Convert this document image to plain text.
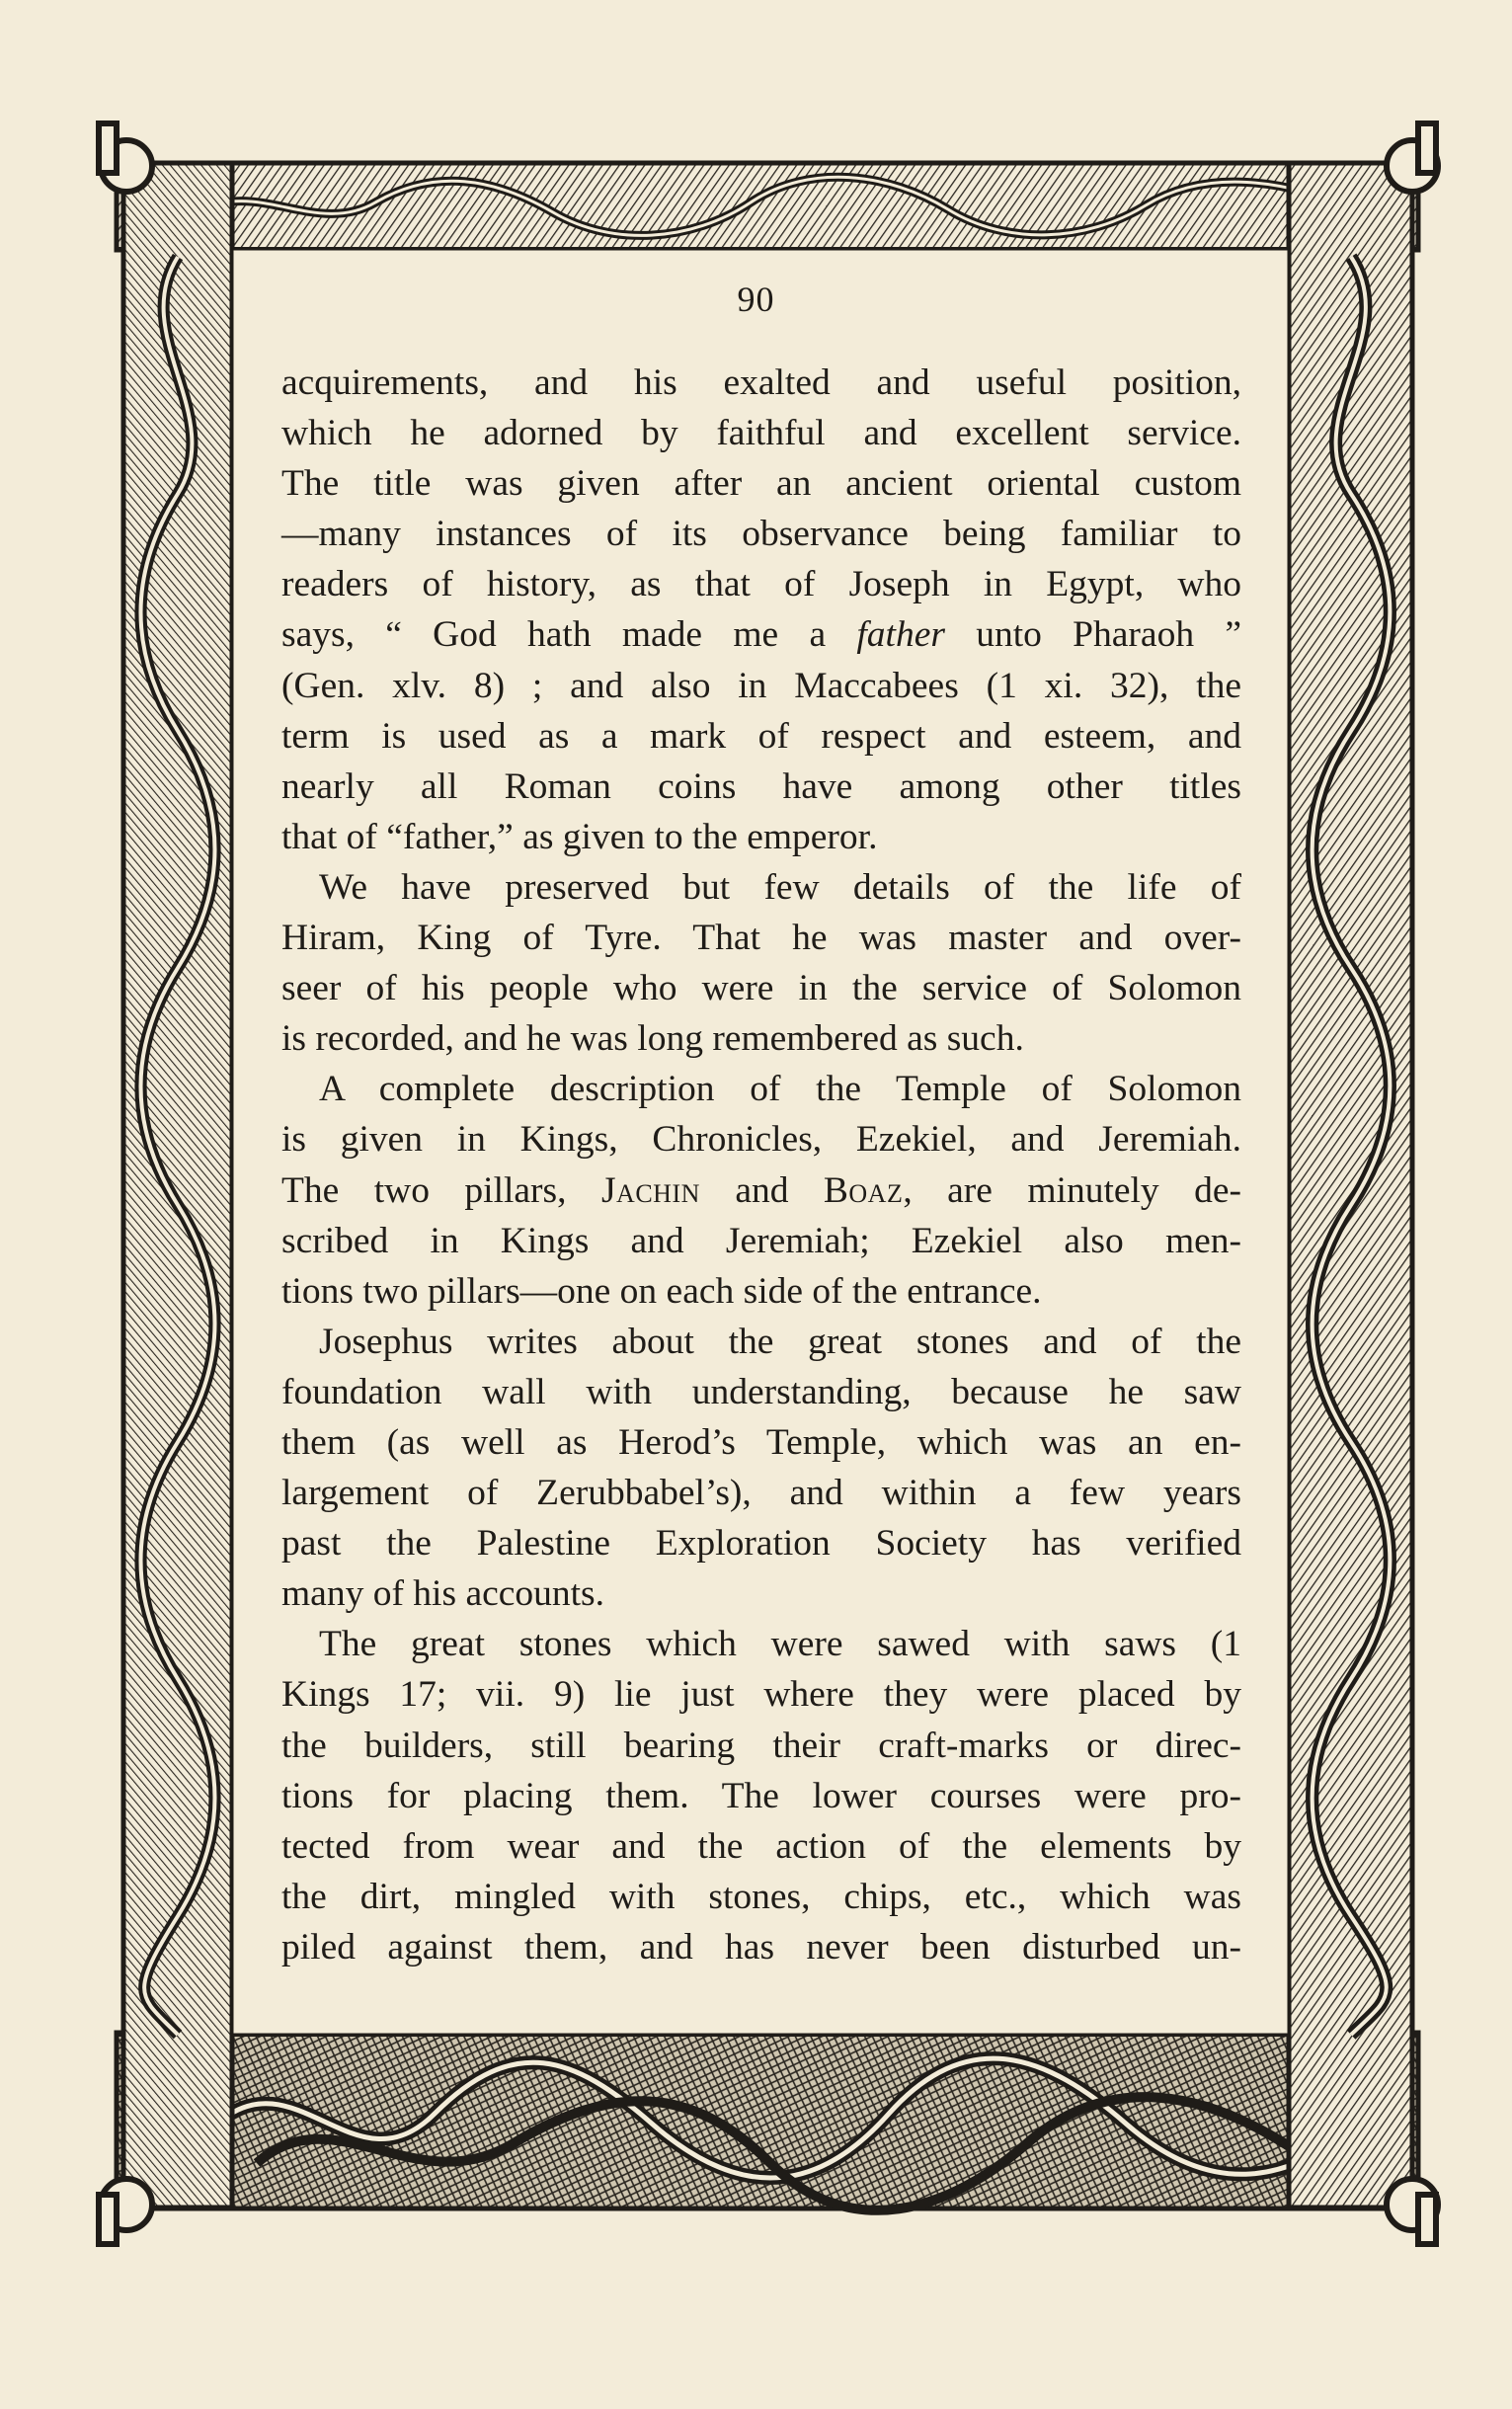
90

acquirements, and his exalted and useful position,
which he adorned by faithful and excellent service.
The title was given after an ancient oriental custom
—many instances of its observance being familiar to
readers of history, as that of Joseph in Egypt, who
says, “ God hath made me a father unto Pharaoh ”
(Gen. xlv. 8) ; and also in Maccabees (1 xi. 32), the
term is used as a mark of respect and esteem, and
nearly all Roman coins have among other titles
that of “father,” as given to the emperor.

We have preserved but few details of the life of
Hiram, King of Tyre. That he was master and over-
seer of his people who were in the service of Solomon
is recorded, and he was long remembered as such.

A complete description of the Temple of Solomon
is given in Kings, Chronicles, Ezekiel, and Jeremiah.
The two pillars, Jachin and Boaz, are minutely de-
scribed in Kings and Jeremiah; Ezekiel also men-
tions two pillars—one on each side of the entrance.

Josephus writes about the great stones and of the
foundation wall with understanding, because he saw
them (as well as Herod’s Temple, which was an en-
largement of Zerubbabel’s), and within a few years
past the Palestine Exploration Society has verified
many of his accounts.

The great stones which were sawed with saws (1
Kings 17; vii. 9) lie just where they were placed by
the builders, still bearing their craft-marks or direc-
tions for placing them. The lower courses were pro-
tected from wear and the action of the elements by
the dirt, mingled with stones, chips, etc., which was
piled against them, and has never been disturbed un-
